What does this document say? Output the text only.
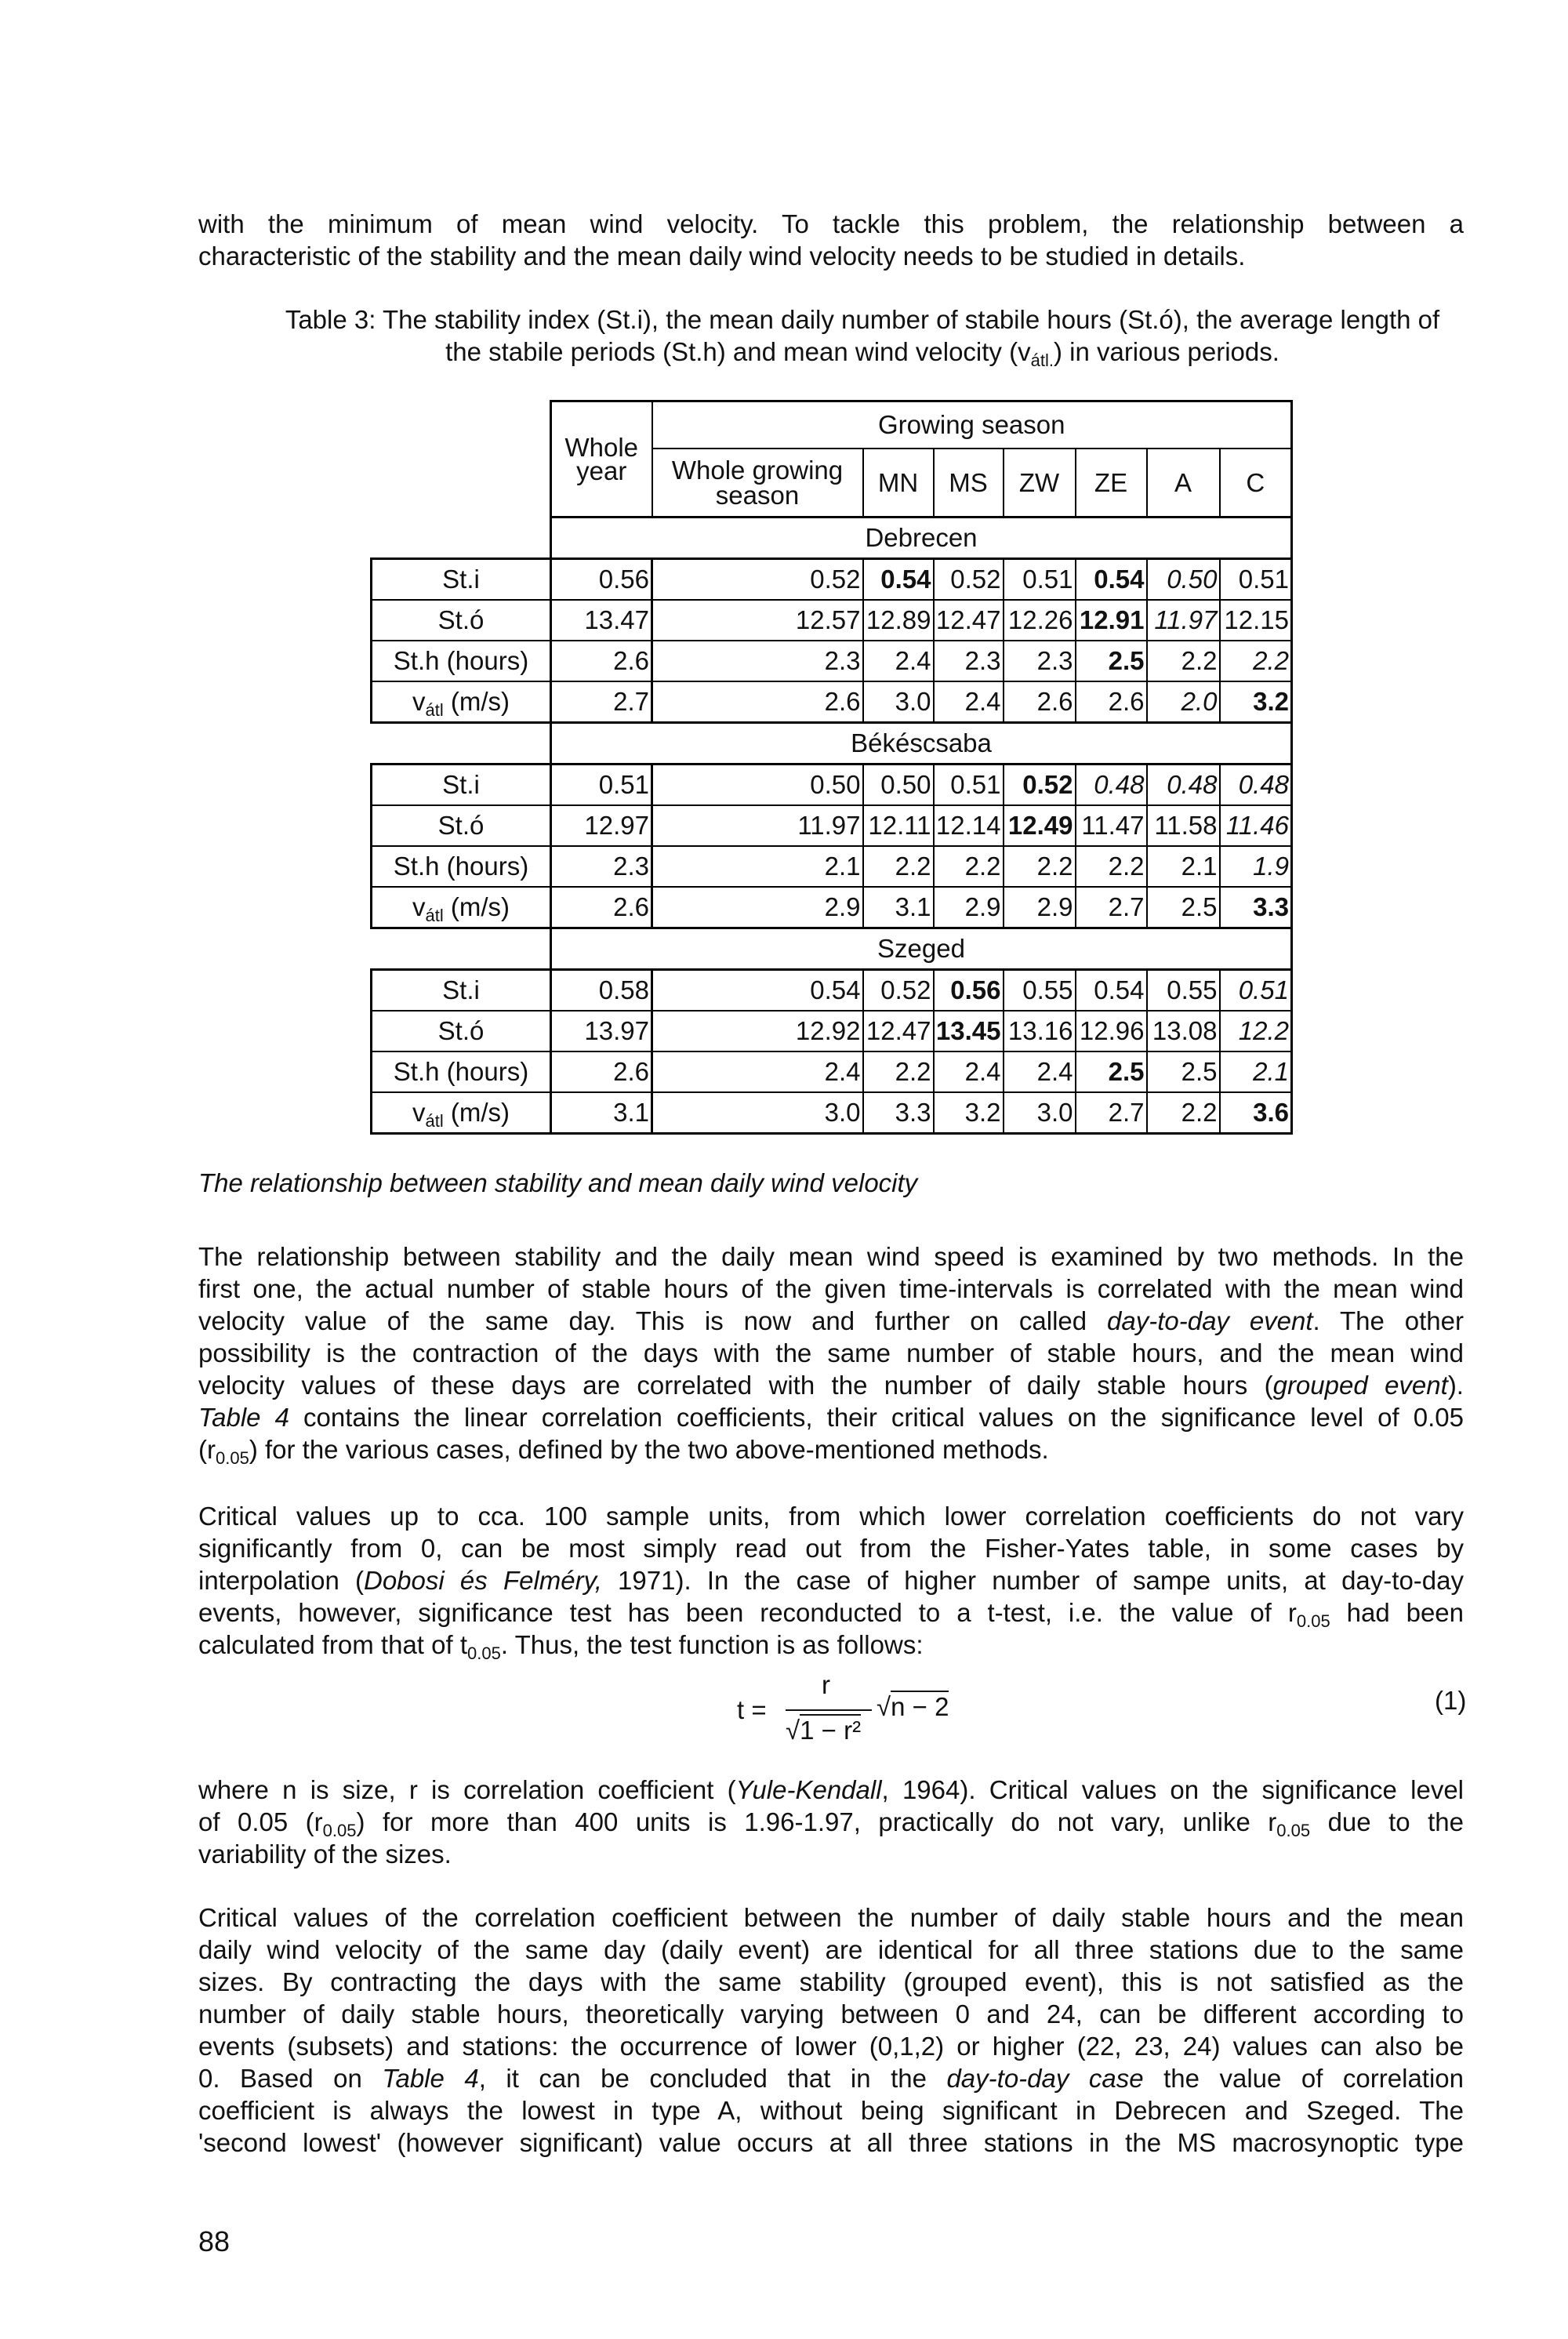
with the minimum of mean wind velocity. To tackle this problem, the relationship between a
characteristic of the stability and the mean daily wind velocity needs to be studied in details.
Table 3: The stability index (St.i), the mean daily number of stabile hours (St.ó), the average length of
the stabile periods (St.h) and mean wind velocity $(v_{átl.})$ in various periods.
	Whole year	Growing season						
		Whole growing season	MN	MS	ZW	ZE	A	C
	Debrecen							
St.i	0.56	0.52	0.54	0.52	0.51	0.54	0.50	0.51
St.ó	13.47	12.57	12.89	12.47	12.26	12.91	11.97	12.15
St.h (hours)	2.6	2.3	2.4	2.3	2.3	2.5	2.2	2.2
$v_{átl}$ (m/s)	2.7	2.6	3.0	2.4	2.6	2.6	2.0	3.2
	Békéscsaba							
St.i	0.51	0.50	0.50	0.51	0.52	0.48	0.48	0.48
St.ó	12.97	11.97	12.11	12.14	12.49	11.47	11.58	11.46
St.h (hours)	2.3	2.1	2.2	2.2	2.2	2.2	2.1	1.9
$v_{átl}$ (m/s)	2.6	2.9	3.1	2.9	2.9	2.7	2.5	3.3
	Szeged							
St.i	0.58	0.54	0.52	0.56	0.55	0.54	0.55	0.51
St.ó	13.97	12.92	12.47	13.45	13.16	12.96	13.08	12.2
St.h (hours)	2.6	2.4	2.2	2.4	2.4	2.5	2.5	2.1
$v_{átl}$ (m/s)	3.1	3.0	3.3	3.2	3.0	2.7	2.2	3.6
The relationship between stability and mean daily wind velocity
The relationship between stability and the daily mean wind speed is examined by two methods. In the
first one, the actual number of stable hours of the given time-intervals is correlated with the mean wind
velocity value of the same day. This is now and further on called day-to-day event. The other
possibility is the contraction of the days with the same number of stable hours, and the mean wind
velocity values of these days are correlated with the number of daily stable hours (grouped event).
Table 4 contains the linear correlation coefficients, their critical values on the significance level of 0.05
$(r_{0.05})$ for the various cases, defined by the two above-mentioned methods.
Critical values up to cca. 100 sample units, from which lower correlation coefficients do not vary
significantly from 0, can be most simply read out from the Fisher-Yates table, in some cases by
interpolation (Dobosi és Felméry, 1971). In the case of higher number of sampe units, at day-to-day
events, however, significance test has been reconducted to a t-test, i.e. the value of $r_{0.05}$ had been
calculated from that of $t_{0.05}$. Thus, the test function is as follows:
t =
r
√1 − r²
√n − 2	(1)
where n is size, r is correlation coefficient (Yule-Kendall, 1964). Critical values on the significance level
of 0.05 $(r_{0.05})$ for more than 400 units is 1.96-1.97, practically do not vary, unlike $r_{0.05}$ due to the
variability of the sizes.
Critical values of the correlation coefficient between the number of daily stable hours and the mean
daily wind velocity of the same day (daily event) are identical for all three stations due to the same
sizes. By contracting the days with the same stability (grouped event), this is not satisfied as the
number of daily stable hours, theoretically varying between 0 and 24, can be different according to
events (subsets) and stations: the occurrence of lower (0,1,2) or higher (22, 23, 24) values can also be
0. Based on Table 4, it can be concluded that in the day-to-day case the value of correlation
coefficient is always the lowest in type A, without being significant in Debrecen and Szeged. The
'second lowest' (however significant) value occurs at all three stations in the MS macrosynoptic type
88
